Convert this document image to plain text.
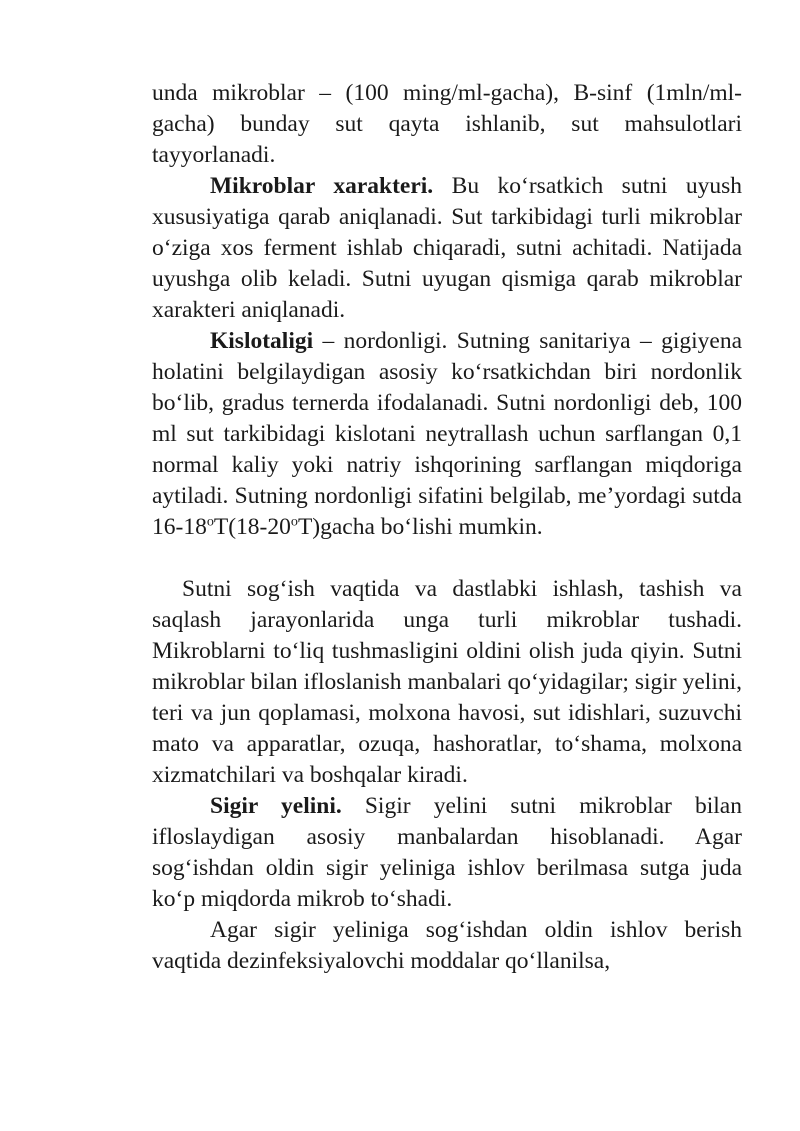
unda mikroblar – (100 ming/ml-gacha), B-sinf (1mln/ml-gacha) bunday sut qayta ishlanib, sut mahsulotlari tayyorlanadi.

Mikroblar xarakteri. Bu ko‘rsatkich sutni uyush xususiyatiga qarab aniqlanadi. Sut tarkibidagi turli mikroblar o‘ziga xos ferment ishlab chiqaradi, sutni achitadi. Natijada uyushga olib keladi. Sutni uyugan qismiga qarab mikroblar xarakteri aniqlanadi.

Kislotaligi – nordonligi. Sutning sanitariya – gigiyena holatini belgilaydigan asosiy ko‘rsatkichdan biri nordonlik bo‘lib, gradus ternerda ifodalanadi. Sutni nordonligi deb, 100 ml sut tarkibidagi kislotani neytrallash uchun sarflangan 0,1 normal kaliy yoki natriy ishqorining sarflangan miqdoriga aytiladi. Sutning nordonligi sifatini belgilab, me’yordagi sutda 16-18$^o$T(18-20$^o$T)gacha bo‘lishi mumkin.

Sutni sog‘ish vaqtida va dastlabki ishlash, tashish va saqlash jarayonlarida unga turli mikroblar tushadi. Mikroblarni to‘liq tushmasligini oldini olish juda qiyin. Sutni mikroblar bilan ifloslanish manbalari qo‘yidagilar; sigir yelini, teri va jun qoplamasi, molxona havosi, sut idishlari, suzuvchi mato va apparatlar, ozuqa, hashoratlar, to‘shama, molxona xizmatchilari va boshqalar kiradi.

Sigir yelini. Sigir yelini sutni mikroblar bilan ifloslaydigan asosiy manbalardan hisoblanadi. Agar sog‘ishdan oldin sigir yeliniga ishlov berilmasa sutga juda ko‘p miqdorda mikrob to‘shadi.

Agar sigir yeliniga sog‘ishdan oldin ishlov berish vaqtida dezinfeksiyalovchi moddalar qo‘llanilsa,
